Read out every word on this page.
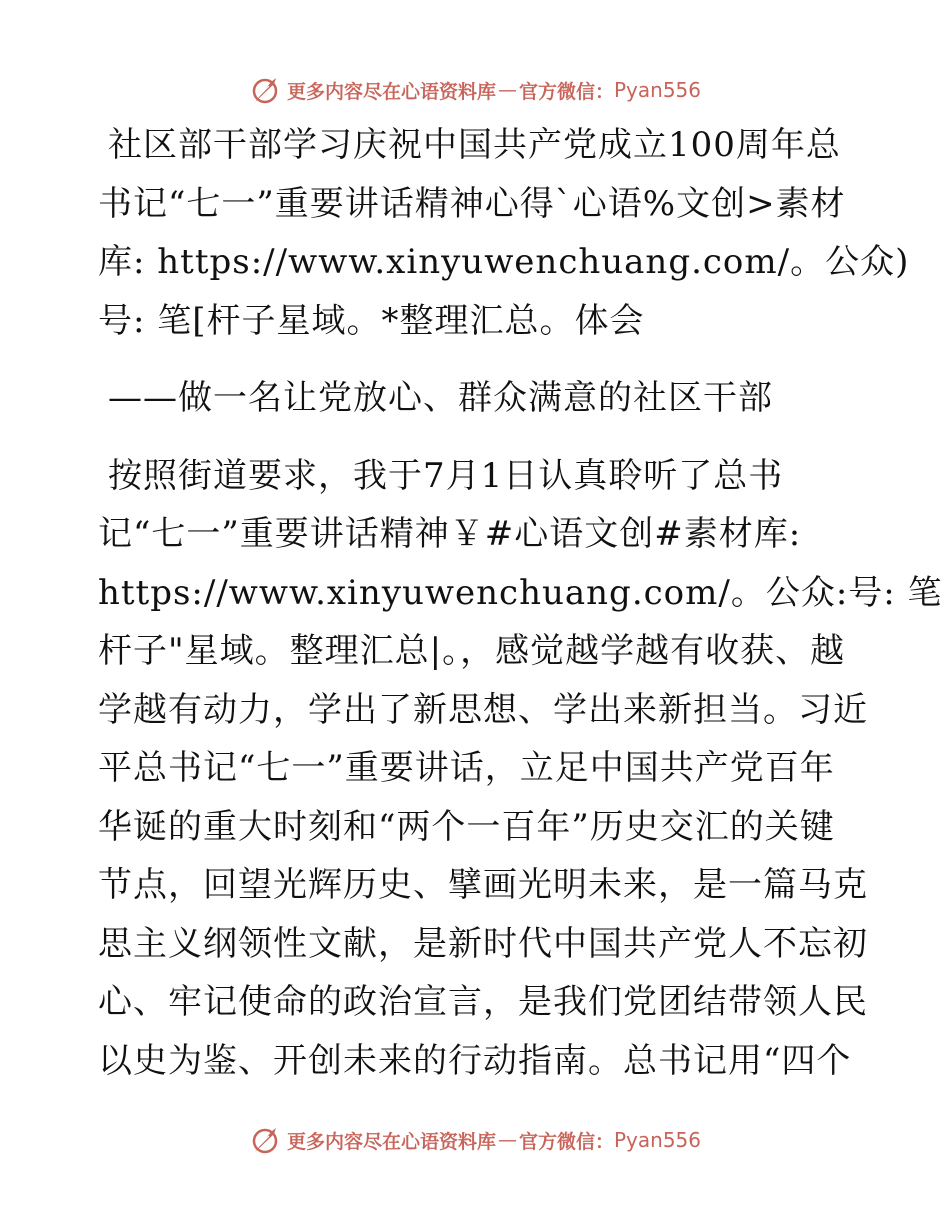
更多内容尽在心语资料库 — 官方微信： Pyan556
社区部干部学习庆祝中国共产党成立100周年总
书记“七一”重要讲话精神心得`心语%文创>素材
库: https://www.xinyuwenchuang.com/。公众)
号: 笔[杆子星域。*整理汇总。体会
——做一名让党放心、群众满意的社区干部
按照街道要求，我于7月1日认真聆听了总书
记“七一”重要讲话精神￥#心语文创#素材库:
https://www.xinyuwenchuang.com/。公众:号: 笔
杆子"星域。整理汇总|。，感觉越学越有收获、越
学越有动力，学出了新思想、学出来新担当。习近
平总书记“七一”重要讲话，立足中国共产党百年
华诞的重大时刻和“两个一百年”历史交汇的关键
节点，回望光辉历史、擘画光明未来，是一篇马克
思主义纲领性文献，是新时代中国共产党人不忘初
心、牢记使命的政治宣言，是我们党团结带领人民
以史为鉴、开创未来的行动指南。总书记用“四个
更多内容尽在心语资料库 — 官方微信： Pyan556
